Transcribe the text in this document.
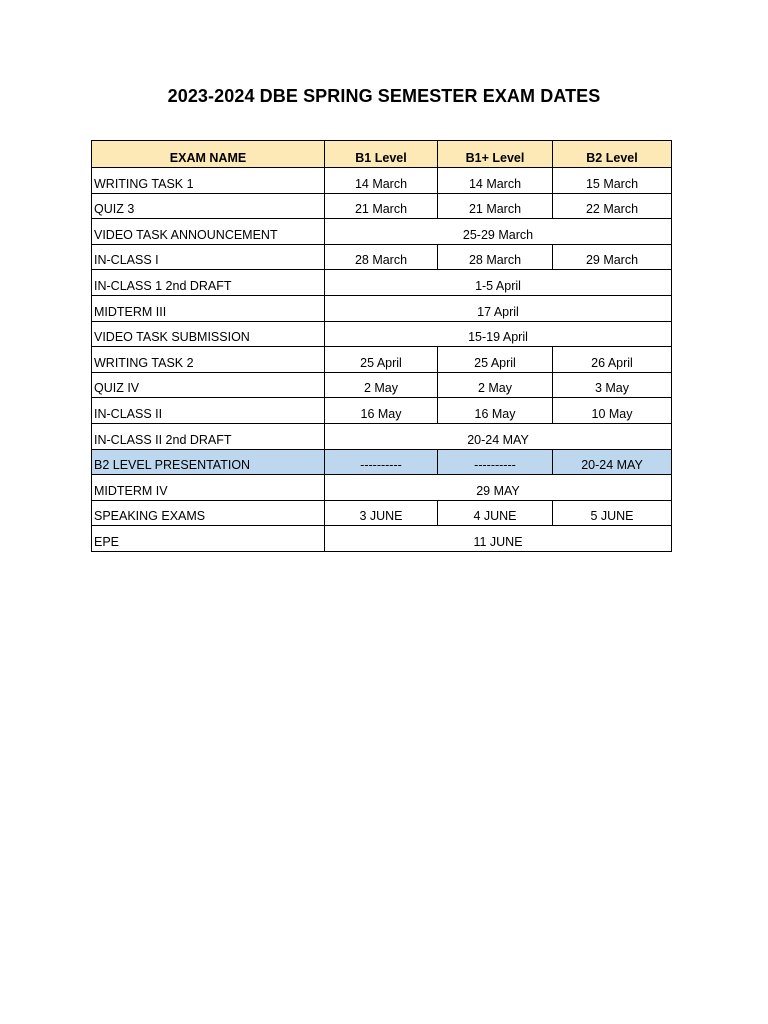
2023-2024 DBE SPRING SEMESTER EXAM DATES
EXAM NAME	B1 Level	B1+ Level	B2 Level
WRITING TASK 1	14 March	14 March	15 March
QUIZ 3	21 March	21 March	22 March
VIDEO TASK ANNOUNCEMENT	25-29 March		
IN-CLASS I	28 March	28 March	29 March
IN-CLASS 1 2nd DRAFT	1-5 April		
MIDTERM III	17 April		
VIDEO TASK SUBMISSION	15-19 April		
WRITING TASK 2	25 April	25 April	26 April
QUIZ IV	2 May	2 May	3 May
IN-CLASS II	16 May	16 May	10 May
IN-CLASS II 2nd DRAFT	20-24 MAY		
B2 LEVEL PRESENTATION	----------	----------	20-24 MAY
MIDTERM IV	29 MAY		
SPEAKING EXAMS	3 JUNE	4 JUNE	5 JUNE
EPE	11 JUNE		
